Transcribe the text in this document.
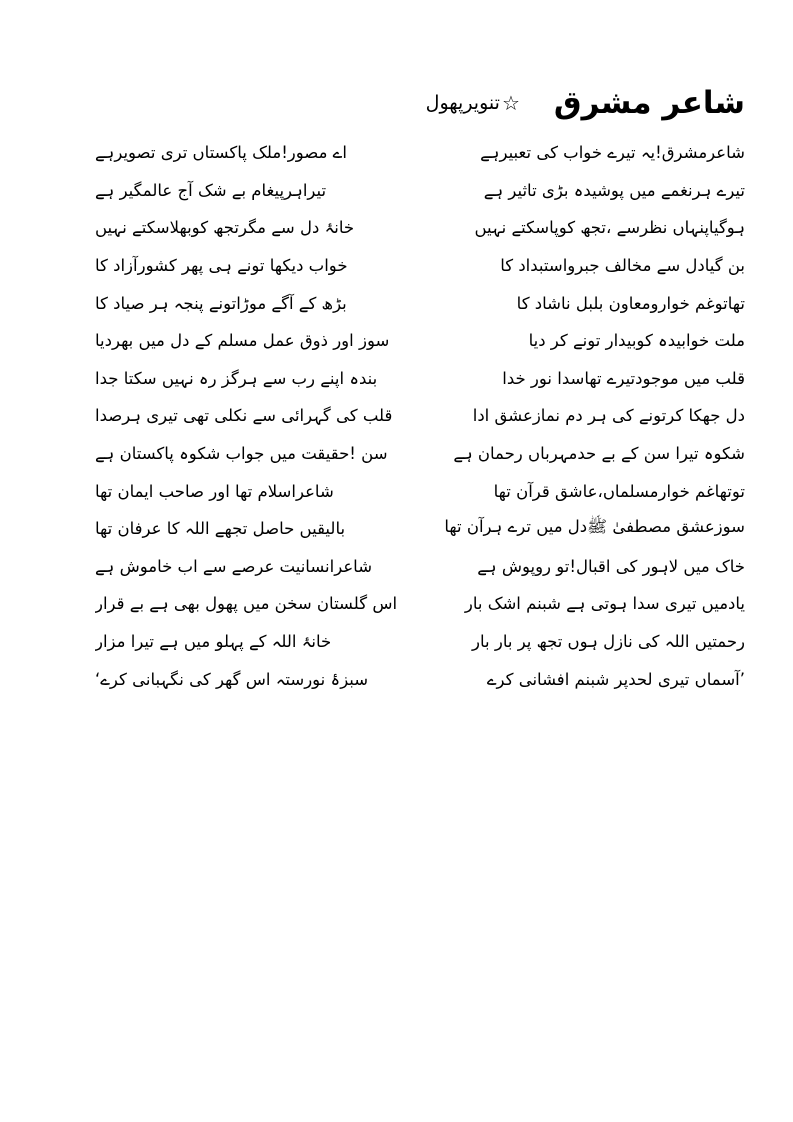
شاعر مشرق
☆
تنویرپھول
شاعرمشرق!یہ تیرے خواب کی تعبیرہے
اے مصور!ملک پاکستاں تری تصویرہے
تیرے ہرنغمے میں پوشیدہ بڑی تاثیر ہے
تیراہرپیغام بے شک آج عالمگیر ہے
ہوگیاپنہاں نظرسے ،تجھ کوپاسکتے نہیں
خانۂ دل سے مگرتجھ کوبھلاسکتے نہیں
بن گیادل سے مخالف جبرواستبداد کا
خواب دیکھا تونے ہی پھر کشورآزاد کا
تھاتوغم خوارومعاون بلبل ناشاد کا
بڑھ کے آگے موڑاتونے پنجہ ہر صیاد کا
ملت خوابیدہ کوبیدار تونے کر دیا
سوز اور ذوق عمل مسلم کے دل میں بھردیا
قلب میں موجودتیرے تھاسدا نور خدا
بندہ اپنے رب سے ہرگز رہ نہیں سکتا جدا
دل جھکا کرتونے کی ہر دم نمازعشق ادا
قلب کی گہرائی سے نکلی تھی تیری ہرصدا
شکوہ تیرا سن کے بے حدمہرباں رحمان ہے
سن !حقیقت میں جواب شکوہ پاکستان ہے
توتھاغم خوارمسلماں،عاشق قرآن تھا
شاعراسلام تھا اور صاحب ایمان تھا
سوزعشق مصطفیٰ ﷺدل میں ترے ہرآن تھا
بالیقیں حاصل تجھے اللہ کا عرفان تھا
خاک میں لاہور کی اقبال!تو روپوش ہے
شاعرانسانیت عرصے سے اب خاموش ہے
یادمیں تیری سدا ہوتی ہے شبنم اشک بار
اس گلستان سخن میں پھول بھی ہے بے قرار
رحمتیں اللہ کی نازل ہوں تجھ پر بار بار
خانۂ اللہ کے پہلو میں ہے تیرا مزار
’آسماں تیری لحدپر شبنم افشانی کرے
سبزۂ نورستہ اس گھر کی نگہبانی کرے‘
